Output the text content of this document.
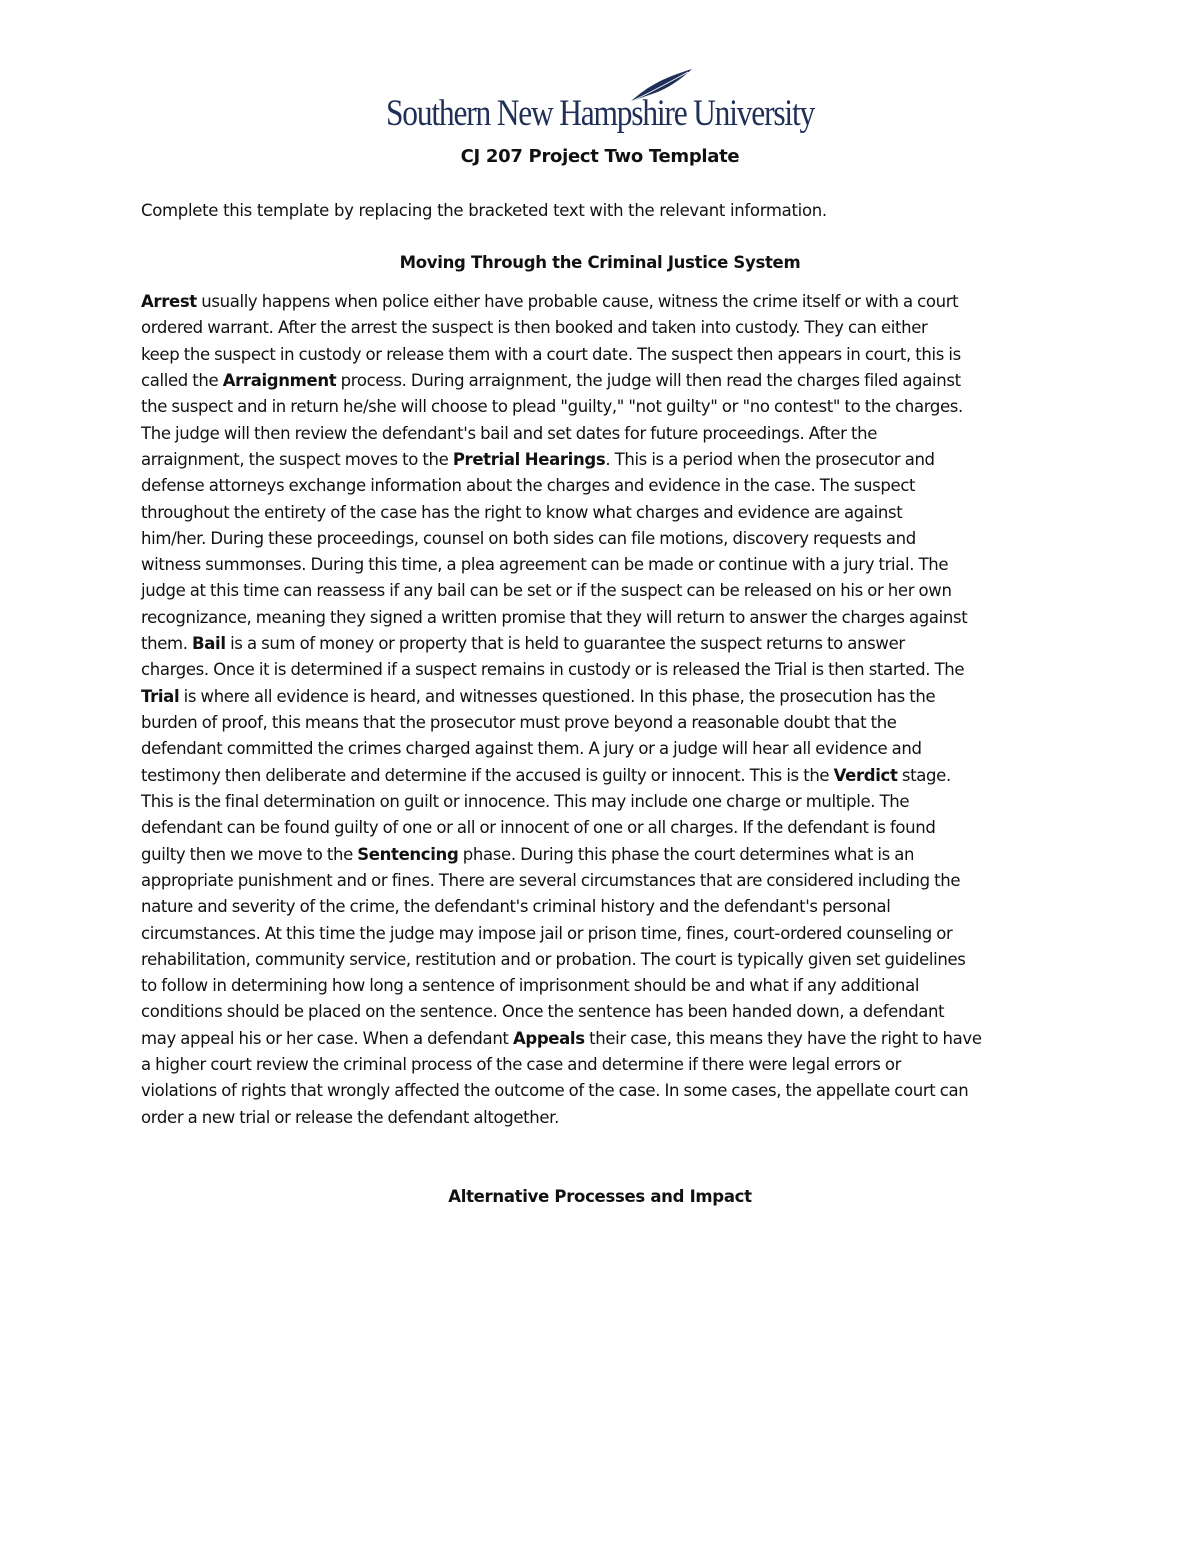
Southern New Hampshire University
CJ 207 Project Two Template
Complete this template by replacing the bracketed text with the relevant information.
Moving Through the Criminal Justice System
Arrest usually happens when police either have probable cause, witness the crime itself or with a court
ordered warrant. After the arrest the suspect is then booked and taken into custody. They can either
keep the suspect in custody or release them with a court date. The suspect then appears in court, this is
called the Arraignment process. During arraignment, the judge will then read the charges filed against
the suspect and in return he/she will choose to plead "guilty," "not guilty" or "no contest" to the charges.
The judge will then review the defendant's bail and set dates for future proceedings. After the
arraignment, the suspect moves to the Pretrial Hearings. This is a period when the prosecutor and
defense attorneys exchange information about the charges and evidence in the case. The suspect
throughout the entirety of the case has the right to know what charges and evidence are against
him/her. During these proceedings, counsel on both sides can file motions, discovery requests and
witness summonses. During this time, a plea agreement can be made or continue with a jury trial. The
judge at this time can reassess if any bail can be set or if the suspect can be released on his or her own
recognizance, meaning they signed a written promise that they will return to answer the charges against
them. Bail is a sum of money or property that is held to guarantee the suspect returns to answer
charges. Once it is determined if a suspect remains in custody or is released the Trial is then started. The
Trial is where all evidence is heard, and witnesses questioned. In this phase, the prosecution has the
burden of proof, this means that the prosecutor must prove beyond a reasonable doubt that the
defendant committed the crimes charged against them. A jury or a judge will hear all evidence and
testimony then deliberate and determine if the accused is guilty or innocent. This is the Verdict stage.
This is the final determination on guilt or innocence. This may include one charge or multiple. The
defendant can be found guilty of one or all or innocent of one or all charges. If the defendant is found
guilty then we move to the Sentencing phase. During this phase the court determines what is an
appropriate punishment and or fines. There are several circumstances that are considered including the
nature and severity of the crime, the defendant's criminal history and the defendant's personal
circumstances. At this time the judge may impose jail or prison time, fines, court-ordered counseling or
rehabilitation, community service, restitution and or probation. The court is typically given set guidelines
to follow in determining how long a sentence of imprisonment should be and what if any additional
conditions should be placed on the sentence. Once the sentence has been handed down, a defendant
may appeal his or her case. When a defendant Appeals their case, this means they have the right to have
a higher court review the criminal process of the case and determine if there were legal errors or
violations of rights that wrongly affected the outcome of the case. In some cases, the appellate court can
order a new trial or release the defendant altogether.
Alternative Processes and Impact
